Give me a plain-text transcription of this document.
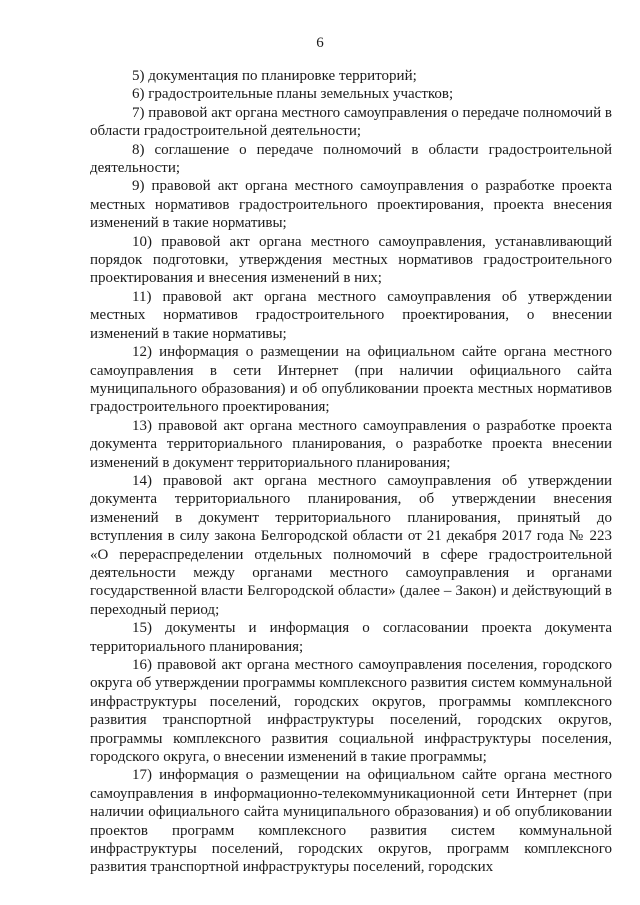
6

5) документация по планировке территорий;

6) градостроительные планы земельных участков;

7) правовой акт органа местного самоуправления о передаче полномочий в области градостроительной деятельности;

8) соглашение о передаче полномочий в области градостроительной деятельности;

9) правовой акт органа местного самоуправления о разработке проекта местных нормативов градостроительного проектирования, проекта внесения изменений в такие нормативы;

10) правовой акт органа местного самоуправления, устанавливающий порядок подготовки, утверждения местных нормативов градостроительного проектирования и внесения изменений в них;

11) правовой акт органа местного самоуправления об утверждении местных нормативов градостроительного проектирования, о внесении изменений в такие нормативы;

12) информация о размещении на официальном сайте органа местного самоуправления в сети Интернет (при наличии официального сайта муниципального образования) и об опубликовании проекта местных нормативов градостроительного проектирования;

13) правовой акт органа местного самоуправления о разработке проекта документа территориального планирования, о разработке проекта внесении изменений в документ территориального планирования;

14) правовой акт органа местного самоуправления об утверждении документа территориального планирования, об утверждении внесения изменений в документ территориального планирования, принятый до вступления в силу закона Белгородской области от 21 декабря 2017 года № 223 «О перераспределении отдельных полномочий в сфере градостроительной деятельности между органами местного самоуправления и органами государственной власти Белгородской области» (далее – Закон) и действующий в переходный период;

15) документы и информация о согласовании проекта документа территориального планирования;

16) правовой акт органа местного самоуправления поселения, городского округа об утверждении программы комплексного развития систем коммунальной инфраструктуры поселений, городских округов, программы комплексного развития транспортной инфраструктуры поселений, городских округов, программы комплексного развития социальной инфраструктуры поселения, городского округа, о внесении изменений в такие программы;

17) информация о размещении на официальном сайте органа местного самоуправления в информационно-телекоммуникационной сети Интернет (при наличии официального сайта муниципального образования) и об опубликовании проектов программ комплексного развития систем коммунальной инфраструктуры поселений, городских округов, программ комплексного развития транспортной инфраструктуры поселений, городских
